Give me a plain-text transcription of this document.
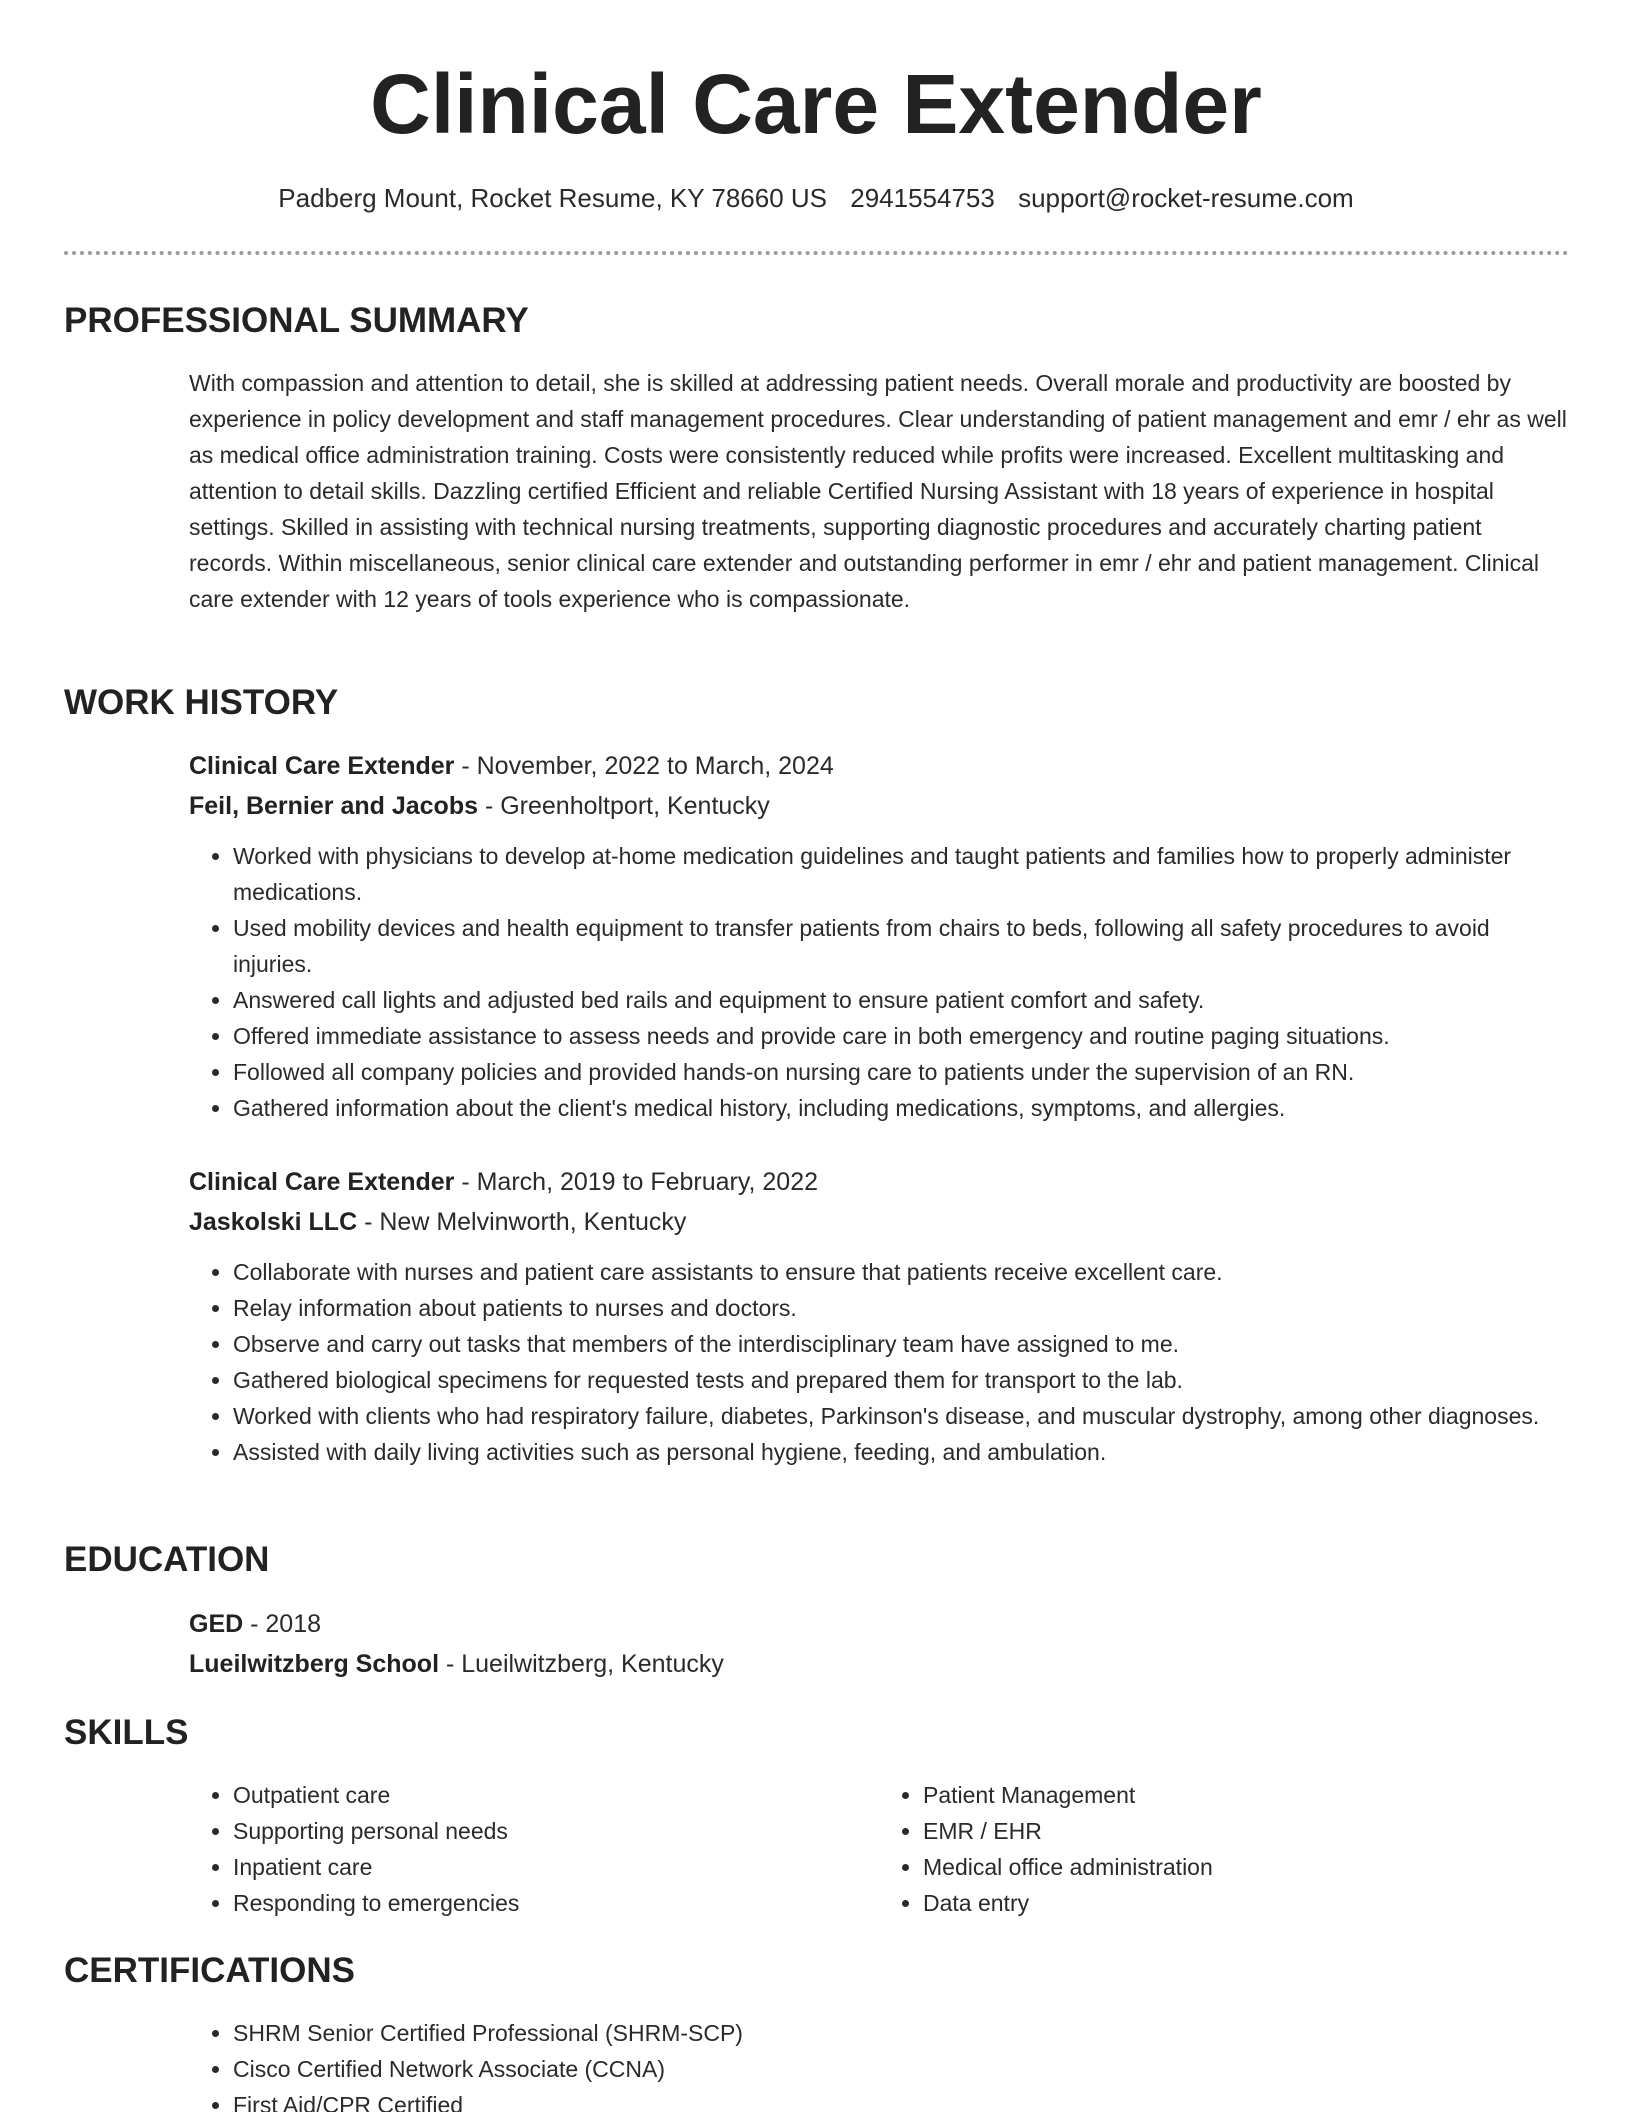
Clinical Care Extender
Padberg Mount, Rocket Resume, KY 78660 US 2941554753 support@rocket-resume.com
PROFESSIONAL SUMMARY
With compassion and attention to detail, she is skilled at addressing patient needs. Overall morale and productivity are boosted by experience in policy development and staff management procedures. Clear understanding of patient management and emr / ehr as well as medical office administration training. Costs were consistently reduced while profits were increased. Excellent multitasking and attention to detail skills. Dazzling certified Efficient and reliable Certified Nursing Assistant with 18 years of experience in hospital settings. Skilled in assisting with technical nursing treatments, supporting diagnostic procedures and accurately charting patient records. Within miscellaneous, senior clinical care extender and outstanding performer in emr / ehr and patient management. Clinical care extender with 12 years of tools experience who is compassionate.
WORK HISTORY
Clinical Care Extender - November, 2022 to March, 2024
Feil, Bernier and Jacobs - Greenholtport, Kentucky
• Worked with physicians to develop at-home medication guidelines and taught patients and families how to properly administer medications.
• Used mobility devices and health equipment to transfer patients from chairs to beds, following all safety procedures to avoid injuries.
• Answered call lights and adjusted bed rails and equipment to ensure patient comfort and safety.
• Offered immediate assistance to assess needs and provide care in both emergency and routine paging situations.
• Followed all company policies and provided hands-on nursing care to patients under the supervision of an RN.
• Gathered information about the client's medical history, including medications, symptoms, and allergies.
Clinical Care Extender - March, 2019 to February, 2022
Jaskolski LLC - New Melvinworth, Kentucky
• Collaborate with nurses and patient care assistants to ensure that patients receive excellent care.
• Relay information about patients to nurses and doctors.
• Observe and carry out tasks that members of the interdisciplinary team have assigned to me.
• Gathered biological specimens for requested tests and prepared them for transport to the lab.
• Worked with clients who had respiratory failure, diabetes, Parkinson's disease, and muscular dystrophy, among other diagnoses.
• Assisted with daily living activities such as personal hygiene, feeding, and ambulation.
EDUCATION
GED - 2018
Lueilwitzberg School - Lueilwitzberg, Kentucky
SKILLS
• Outpatient care
• Supporting personal needs
• Inpatient care
• Responding to emergencies
• Patient Management
• EMR / EHR
• Medical office administration
• Data entry
CERTIFICATIONS
• SHRM Senior Certified Professional (SHRM-SCP)
• Cisco Certified Network Associate (CCNA)
• First Aid/CPR Certified
